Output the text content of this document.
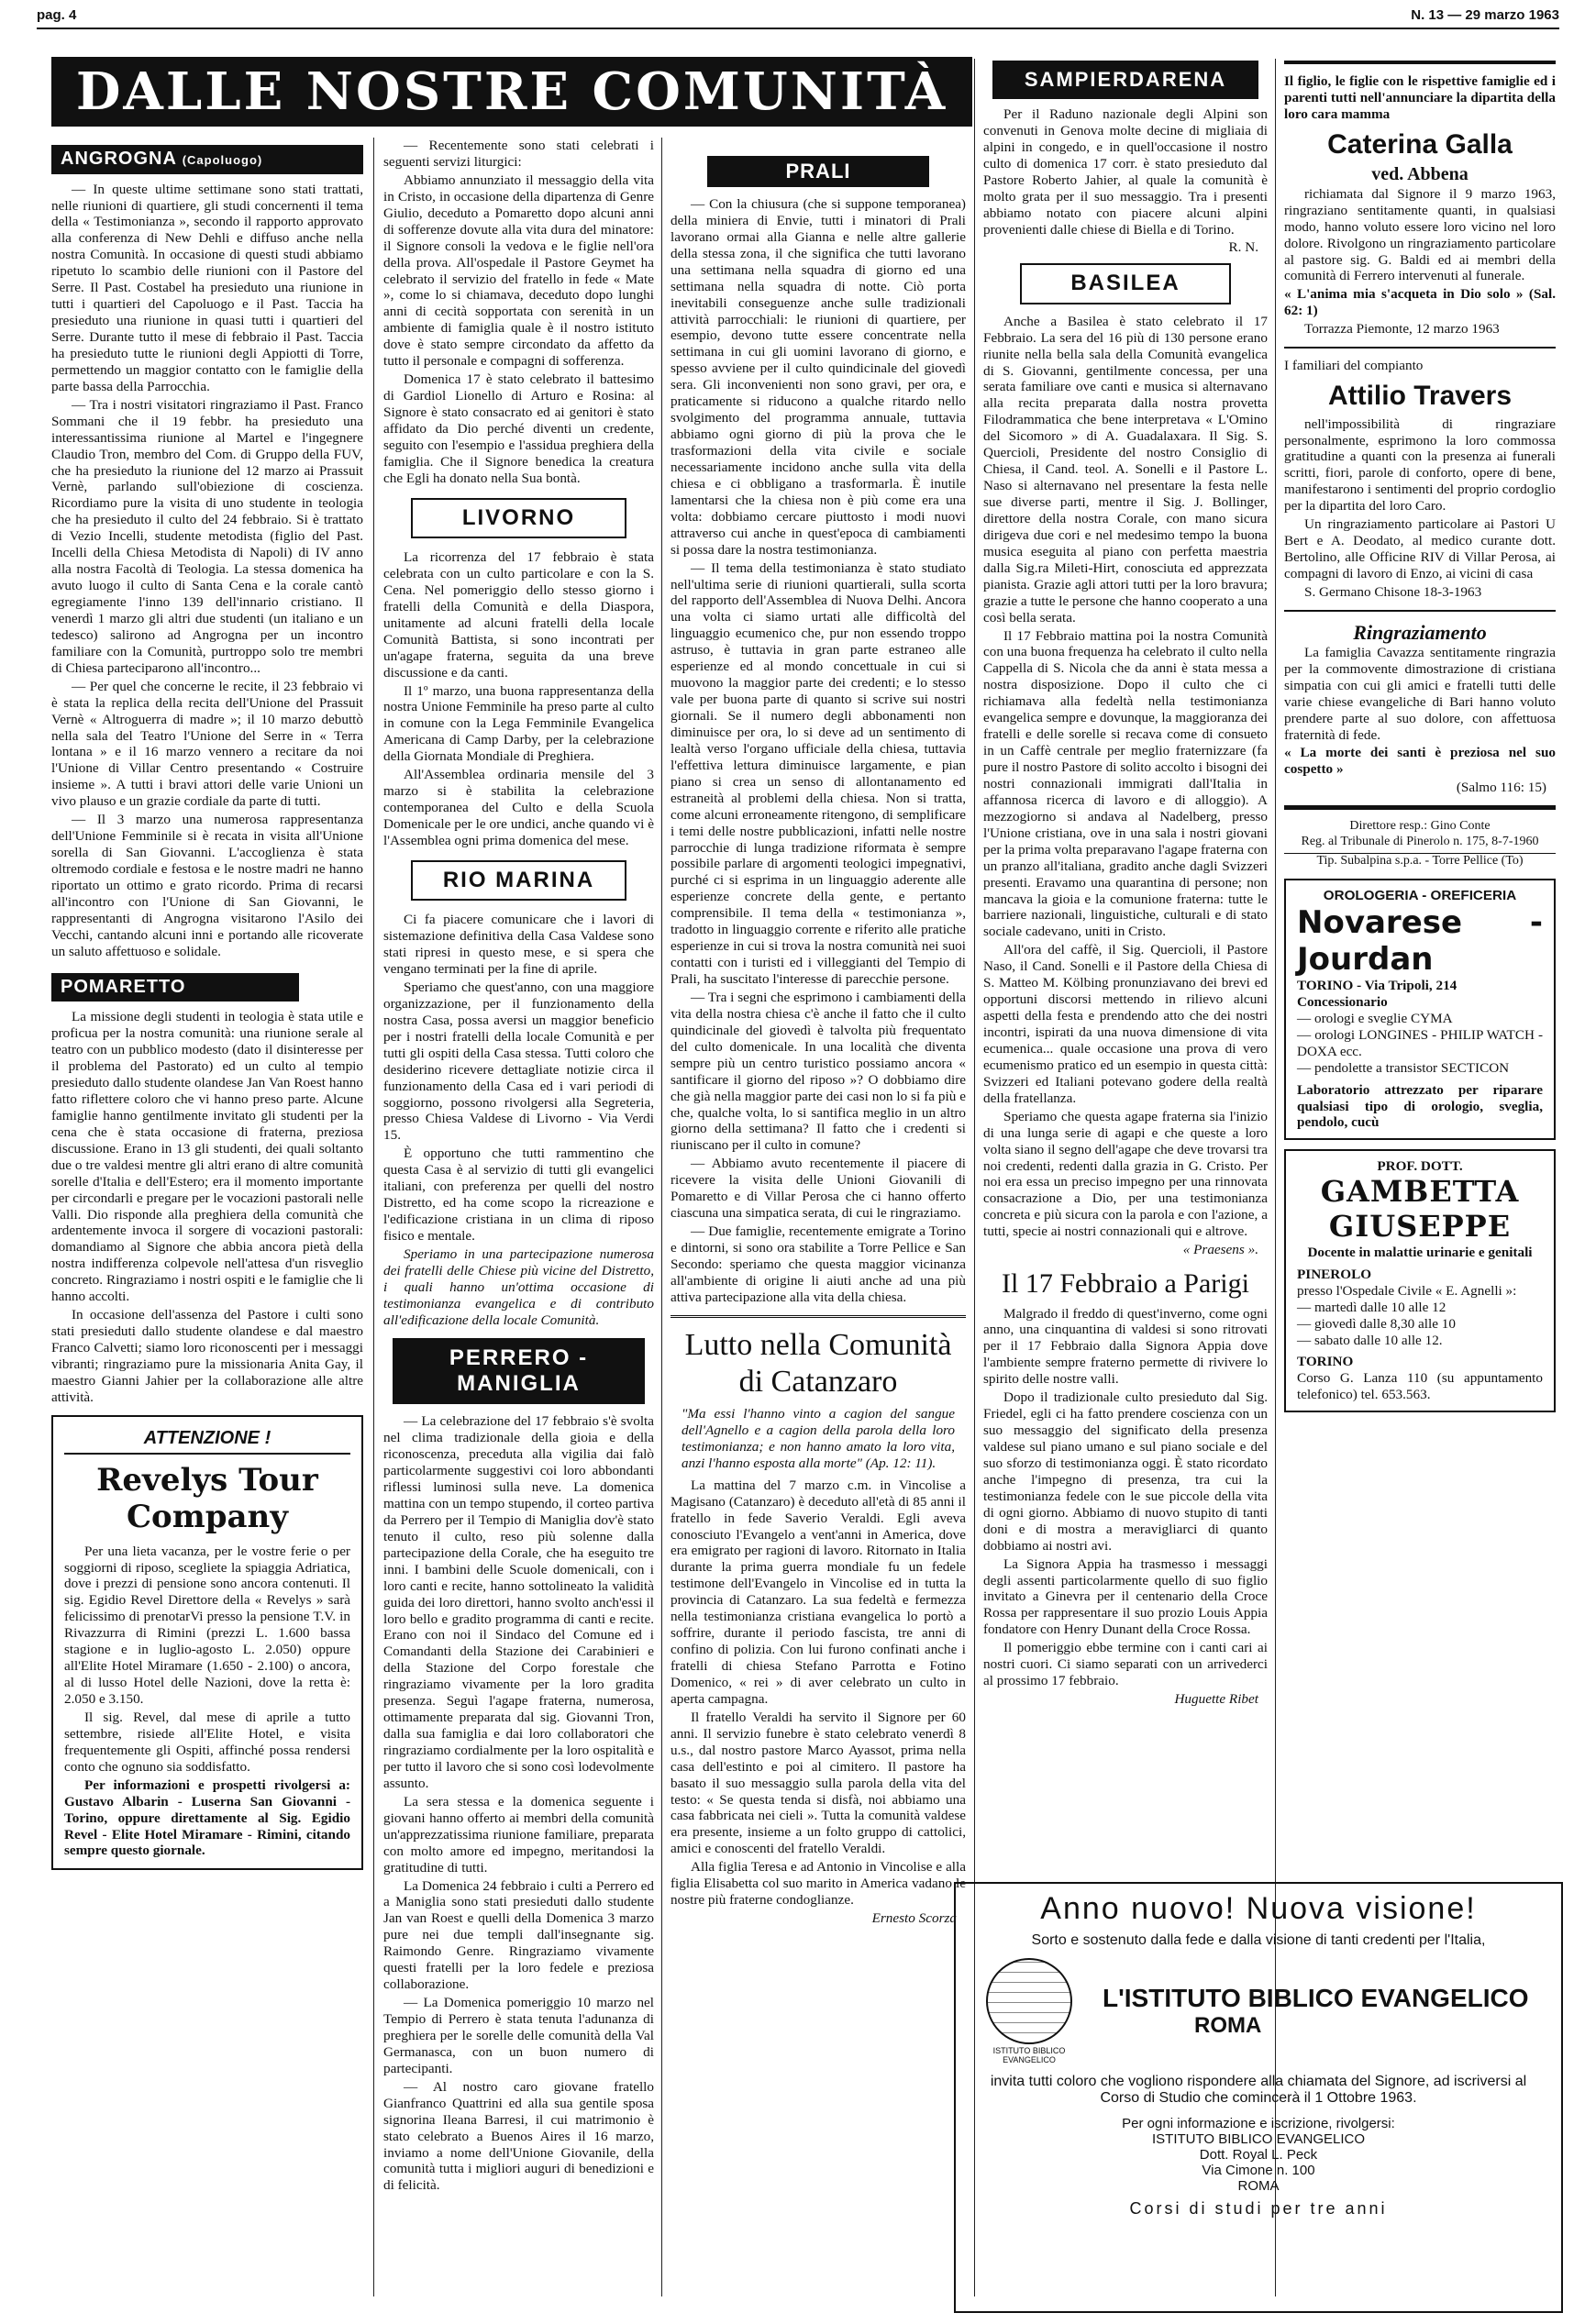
pag. 4	N. 13 — 29 marzo 1963
DALLE NOSTRE COMUNITÀ
ANGROGNA (Capoluogo)

— In queste ultime settimane sono stati trattati, nelle riunioni di quartiere, gli studi concernenti il tema della « Testimonianza », secondo il rapporto approvato alla conferenza di New Dehli e diffuso anche nella nostra Comunità. In occasione di questi studi abbiamo ripetuto lo scambio delle riunioni con il Pastore del Serre. Il Past. Costabel ha presieduto una riunione in tutti i quartieri del Capoluogo e il Past. Taccia ha presieduto una riunione in quasi tutti i quartieri del Serre. Durante tutto il mese di febbraio il Past. Taccia ha presieduto tutte le riunioni degli Appiotti di Torre, permettendo un maggior contatto con le famiglie della parte bassa della Parrocchia.

— Tra i nostri visitatori ringraziamo il Past. Franco Sommani che il 19 febbr. ha presieduto una interessantissima riunione al Martel e l'ingegnere Claudio Tron, membro del Com. di Gruppo della FUV, che ha presieduto la riunione del 12 marzo ai Prassuit Vernè, parlando sull'obiezione di coscienza. Ricordiamo pure la visita di uno studente in teologia che ha presieduto il culto del 24 febbraio. Si è trattato di Vezio Incelli, studente metodista (figlio del Past. Incelli della Chiesa Metodista di Napoli) di IV anno alla nostra Facoltà di Teologia. La stessa domenica ha avuto luogo il culto di Santa Cena e la corale cantò egregiamente l'inno 139 dell'innario cristiano. Il venerdì 1 marzo gli altri due studenti (un italiano e un tedesco) salirono ad Angrogna per un incontro familiare con la Comunità, purtroppo solo tre membri di Chiesa parteciparono all'incontro...

— Per quel che concerne le recite, il 23 febbraio vi è stata la replica della recita dell'Unione del Prassuit Vernè « Altroguerra di madre »; il 10 marzo debuttò nella sala del Teatro l'Unione del Serre in « Terra lontana » e il 16 marzo vennero a recitare da noi l'Unione di Villar Centro presentando « Costruire insieme ». A tutti i bravi attori delle varie Unioni un vivo plauso e un grazie cordiale da parte di tutti.

— Il 3 marzo una numerosa rappresentanza dell'Unione Femminile si è recata in visita all'Unione sorella di San Giovanni. L'accoglienza è stata oltremodo cordiale e festosa e le nostre madri ne hanno riportato un ottimo e grato ricordo. Prima di recarsi all'incontro con l'Unione di San Giovanni, le rappresentanti di Angrogna visitarono l'Asilo dei Vecchi, cantando alcuni inni e portando alle ricoverate un saluto affettuoso e solidale.

POMARETTO

La missione degli studenti in teologia è stata utile e proficua per la nostra comunità: una riunione serale al teatro con un pubblico modesto (dato il disinteresse per il problema del Pastorato) ed un culto al tempio presieduto dallo studente olandese Jan Van Roest hanno fatto riflettere coloro che vi hanno preso parte. Alcune famiglie hanno gentilmente invitato gli studenti per la cena che è stata occasione di fraterna, preziosa discussione. Erano in 13 gli studenti, dei quali soltanto due o tre valdesi mentre gli altri erano di altre comunità sorelle d'Italia e dell'Estero; era il momento importante per circondarli e pregare per le vocazioni pastorali nelle Valli. Dio risponde alla preghiera della comunità che ardentemente invoca il sorgere di vocazioni pastorali: domandiamo al Signore che abbia ancora pietà della nostra indifferenza colpevole nell'attesa d'un risveglio concreto. Ringraziamo i nostri ospiti e le famiglie che li hanno accolti.

In occasione dell'assenza del Pastore i culti sono stati presieduti dallo studente olandese e dal maestro Franco Calvetti; siamo loro riconoscenti per i messaggi vibranti; ringraziamo pure la missionaria Anita Gay, il maestro Gianni Jahier per la collaborazione alle altre attività.

ATTENZIONE !
Revelys Tour Company

Per una lieta vacanza, per le vostre ferie o per soggiorni di riposo, scegliete la spiaggia Adriatica, dove i prezzi di pensione sono ancora contenuti. Il sig. Egidio Revel Direttore della « Revelys » sarà felicissimo di prenotarVi presso la pensione T.V. in Rivazzurra di Rimini (prezzi L. 1.600 bassa stagione e in luglio-agosto L. 2.050) oppure all'Elite Hotel Miramare (1.650 - 2.100) o ancora, al di lusso Hotel delle Nazioni, dove la retta è: 2.050 e 3.150.

Il sig. Revel, dal mese di aprile a tutto settembre, risiede all'Elite Hotel, e visita frequentemente gli Ospiti, affinché possa rendersi conto che ognuno sia soddisfatto.

Per informazioni e prospetti rivolgersi a: Gustavo Albarin - Luserna San Giovanni - Torino, oppure direttamente al Sig. Egidio Revel - Elite Hotel Miramare - Rimini, citando sempre questo giornale.

— Recentemente sono stati celebrati i seguenti servizi liturgici:

Abbiamo annunziato il messaggio della vita in Cristo, in occasione della dipartenza di Genre Giulio, deceduto a Pomaretto dopo alcuni anni di sofferenze dovute alla vita dura del minatore: il Signore consoli la vedova e le figlie nell'ora della prova. All'ospedale il Pastore Geymet ha celebrato il servizio del fratello in fede « Mate », come lo si chiamava, deceduto dopo lunghi anni di cecità sopportata con serenità in un ambiente di famiglia quale è il nostro istituto dove è stato sempre circondato da affetto da tutto il personale e compagni di sofferenza.

Domenica 17 è stato celebrato il battesimo di Gardiol Lionello di Arturo e Rosina: al Signore è stato consacrato ed ai genitori è stato affidato da Dio perché diventi un credente, seguito con l'esempio e l'assidua preghiera della famiglia. Che il Signore benedica la creatura che Egli ha donato nella Sua bontà.

LIVORNO

La ricorrenza del 17 febbraio è stata celebrata con un culto particolare e con la S. Cena. Nel pomeriggio dello stesso giorno i fratelli della Comunità e della Diaspora, unitamente ad alcuni fratelli della locale Comunità Battista, si sono incontrati per un'agape fraterna, seguita da una breve discussione e da canti.

Il 1º marzo, una buona rappresentanza della nostra Unione Femminile ha preso parte al culto in comune con la Lega Femminile Evangelica Americana di Camp Darby, per la celebrazione della Giornata Mondiale di Preghiera.

All'Assemblea ordinaria mensile del 3 marzo si è stabilita la celebrazione contemporanea del Culto e della Scuola Domenicale per le ore undici, anche quando vi è l'Assemblea ogni prima domenica del mese.

RIO MARINA

Ci fa piacere comunicare che i lavori di sistemazione definitiva della Casa Valdese sono stati ripresi in questo mese, e si spera che vengano terminati per la fine di aprile.

Speriamo che quest'anno, con una maggiore organizzazione, per il funzionamento della nostra Casa, possa aversi un maggior beneficio per i nostri fratelli della locale Comunità e per tutti gli ospiti della Casa stessa. Tutti coloro che desiderino ricevere dettagliate notizie circa il funzionamento della Casa ed i vari periodi di soggiorno, possono rivolgersi alla Segreteria, presso Chiesa Valdese di Livorno - Via Verdi 15.

È opportuno che tutti rammentino che questa Casa è al servizio di tutti gli evangelici italiani, con preferenza per quelli del nostro Distretto, ed ha come scopo la ricreazione e l'edificazione cristiana in un clima di riposo fisico e mentale.

Speriamo in una partecipazione numerosa dei fratelli delle Chiese più vicine del Distretto, i quali hanno un'ottima occasione di testimonianza evangelica e di contributo all'edificazione della locale Comunità.

PERRERO - MANIGLIA

— La celebrazione del 17 febbraio s'è svolta nel clima tradizionale della gioia e della riconoscenza, preceduta alla vigilia dai falò particolarmente suggestivi coi loro abbondanti riflessi luminosi sulla neve. La domenica mattina con un tempo stupendo, il corteo partiva da Perrero per il Tempio di Maniglia dov'è stato tenuto il culto, reso più solenne dalla partecipazione della Corale, che ha eseguito tre inni. I bambini delle Scuole domenicali, con i loro canti e recite, hanno sottolineato la validità guida dei loro direttori, hanno svolto anch'essi il loro bello e gradito programma di canti e recite. Erano con noi il Sindaco del Comune ed i Comandanti della Stazione dei Carabinieri e della Stazione del Corpo forestale che ringraziamo vivamente per la loro gradita presenza. Seguì l'agape fraterna, numerosa, ottimamente preparata dal sig. Giovanni Tron, dalla sua famiglia e dai loro collaboratori che ringraziamo cordialmente per la loro ospitalità e per tutto il lavoro che si sono così lodevolmente assunto.

La sera stessa e la domenica seguente i giovani hanno offerto ai membri della comunità un'apprezzatissima riunione familiare, preparata con molto amore ed impegno, meritandosi la gratitudine di tutti.

La Domenica 24 febbraio i culti a Perrero ed a Maniglia sono stati presieduti dallo studente Jan van Roest e quelli della Domenica 3 marzo pure nei due templi dall'insegnante sig. Raimondo Genre. Ringraziamo vivamente questi fratelli per la loro fedele e preziosa collaborazione.

— La Domenica pomeriggio 10 marzo nel Tempio di Perrero è stata tenuta l'adunanza di preghiera per le sorelle delle comunità della Val Germanasca, con un buon numero di partecipanti.

— Al nostro caro giovane fratello Gianfranco Quattrini ed alla sua gentile sposa signorina Ileana Barresi, il cui matrimonio è stato celebrato a Buenos Aires il 16 marzo, inviamo a nome dell'Unione Giovanile, della comunità tutta i migliori auguri di benedizioni e di felicità.

PRALI

— Con la chiusura (che si suppone temporanea) della miniera di Envie, tutti i minatori di Prali lavorano ormai alla Gianna e nelle altre gallerie della stessa zona, il che significa che tutti lavorano una settimana nella squadra di giorno ed una settimana nella squadra di notte. Ciò porta inevitabili conseguenze anche sulle tradizionali attività parrocchiali: le riunioni di quartiere, per esempio, devono tutte essere concentrate nella settimana in cui gli uomini lavorano di giorno, e spesso avviene per il culto quindicinale del giovedì sera. Gli inconvenienti non sono gravi, per ora, e praticamente si riducono a qualche ritardo nello svolgimento del programma annuale, tuttavia abbiamo ogni giorno di più la prova che le trasformazioni della vita civile e sociale necessariamente incidono anche sulla vita della chiesa e ci obbligano a trasformarla. È inutile lamentarsi che la chiesa non è più come era una volta: dobbiamo cercare piuttosto i modi nuovi attraverso cui anche in quest'epoca di cambiamenti si possa dare la nostra testimonianza.

— Il tema della testimonianza è stato studiato nell'ultima serie di riunioni quartierali, sulla scorta del rapporto dell'Assemblea di Nuova Delhi. Ancora una volta ci siamo urtati alle difficoltà del linguaggio ecumenico che, pur non essendo troppo astruso, è tuttavia in gran parte estraneo alle esperienze ed al mondo concettuale in cui si muovono la maggior parte dei credenti; e lo stesso vale per buona parte di quanto si scrive sui nostri giornali. Se il numero degli abbonamenti non diminuisce per ora, lo si deve ad un sentimento di lealtà verso l'organo ufficiale della chiesa, tuttavia l'effettiva lettura diminuisce largamente, e pian piano si crea un senso di allontanamento ed estraneità al problemi della chiesa. Non si tratta, come alcuni erroneamente ritengono, di semplificare i temi delle nostre pubblicazioni, infatti nelle nostre parrocchie di lunga tradizione riformata è sempre possibile parlare di argomenti teologici impegnativi, purché ci si esprima in un linguaggio aderente alle esperienze concrete della gente, e pertanto comprensibile. Il tema della « testimonianza », tradotto in linguaggio corrente e riferito alle pratiche esperienze in cui si trova la nostra comunità nei suoi contatti con i turisti ed i villeggianti del Tempio di Prali, ha suscitato l'interesse di parecchie persone.

— Tra i segni che esprimono i cambiamenti della vita della nostra chiesa c'è anche il fatto che il culto quindicinale del giovedì è talvolta più frequentato del culto domenicale. In una località che diventa sempre più un centro turistico possiamo ancora « santificare il giorno del riposo »? O dobbiamo dire che già nella maggior parte dei casi non lo si fa più e che, qualche volta, lo si santifica meglio in un altro giorno della settimana? Il fatto che i credenti si riuniscano per il culto in comune?

— Abbiamo avuto recentemente il piacere di ricevere la visita delle Unioni Giovanili di Pomaretto e di Villar Perosa che ci hanno offerto ciascuna una simpatica serata, di cui le ringraziamo.

— Due famiglie, recentemente emigrate a Torino e dintorni, si sono ora stabilite a Torre Pellice e San Secondo: speriamo che questa maggior vicinanza all'ambiente di origine li aiuti anche ad una più attiva partecipazione alla vita della chiesa.

Lutto nella Comunità di Catanzaro

"Ma essi l'hanno vinto a cagion del sangue dell'Agnello e a cagion della parola della loro testimonianza; e non hanno amato la loro vita, anzi l'hanno esposta alla morte" (Ap. 12: 11).

La mattina del 7 marzo c.m. in Vincolise a Magisano (Catanzaro) è deceduto all'età di 85 anni il fratello in fede Saverio Veraldi. Egli aveva conosciuto l'Evangelo a vent'anni in America, dove era emigrato per ragioni di lavoro. Ritornato in Italia durante la prima guerra mondiale fu un fedele testimone dell'Evangelo in Vincolise ed in tutta la provincia di Catanzaro. La sua fedeltà e fermezza nella testimonianza cristiana evangelica lo portò a soffrire, durante il periodo fascista, tre anni di confino di polizia. Con lui furono confinati anche i fratelli di chiesa Stefano Parrotta e Fotino Domenico, « rei » di aver celebrato un culto in aperta campagna.

Il fratello Veraldi ha servito il Signore per 60 anni. Il servizio funebre è stato celebrato venerdì 8 u.s., dal nostro pastore Marco Ayassot, prima nella casa dell'estinto e poi al cimitero. Il pastore ha basato il suo messaggio sulla parola della vita del testo: « Se questa tenda si disfà, noi abbiamo una casa fabbricata nei cieli ». Tutta la comunità valdese era presente, insieme a un folto gruppo di cattolici, amici e conoscenti del fratello Veraldi.

Alla figlia Teresa e ad Antonio in Vincolise e alla figlia Elisabetta col suo marito in America vadano le nostre più fraterne condoglianze.

Ernesto Scorza
SAMPIERDARENA

Per il Raduno nazionale degli Alpini son convenuti in Genova molte decine di migliaia di alpini in congedo, e in quell'occasione il nostro culto di domenica 17 corr. è stato presieduto dal Pastore Roberto Jahier, al quale la comunità è molto grata per il suo messaggio. Tra i presenti abbiamo notato con piacere alcuni alpini provenienti dalle chiese di Biella e di Torino.

R. N.
BASILEA

Anche a Basilea è stato celebrato il 17 Febbraio. La sera del 16 più di 130 persone erano riunite nella bella sala della Comunità evangelica di S. Giovanni, gentilmente concessa, per una serata familiare ove canti e musica si alternavano alla recita preparata dalla nostra provetta Filodrammatica che bene interpretava « L'Omino del Sicomoro » di A. Guadalaxara. Il Sig. S. Quercioli, Presidente del nostro Consiglio di Chiesa, il Cand. teol. A. Sonelli e il Pastore L. Naso si alternavano nel presentare la festa nelle sue diverse parti, mentre il Sig. J. Bollinger, direttore della nostra Corale, con mano sicura dirigeva due cori e nel medesimo tempo la buona musica eseguita al piano con perfetta maestria dalla Sig.ra Mileti-Hirt, conosciuta ed apprezzata pianista. Grazie agli attori tutti per la loro bravura; grazie a tutte le persone che hanno cooperato a una così bella serata.

Il 17 Febbraio mattina poi la nostra Comunità con una buona frequenza ha celebrato il culto nella Cappella di S. Nicola che da anni è stata messa a nostra disposizione. Dopo il culto che ci richiamava alla fedeltà nella testimonianza evangelica sempre e dovunque, la maggioranza dei fratelli e delle sorelle si recava come di consueto in un Caffè centrale per meglio fraternizzare (fa pure il nostro Pastore di solito accolto i bisogni dei nostri connazionali immigrati dall'Italia in affannosa ricerca di lavoro e di alloggio). A mezzogiorno si andava al Nadelberg, presso l'Unione cristiana, ove in una sala i nostri giovani per la prima volta preparavano l'agape fraterna con un pranzo all'italiana, gradito anche dagli Svizzeri presenti. Eravamo una quarantina di persone; non mancava la gioia e la comunione fraterna: tutte le barriere nazionali, linguistiche, culturali e di stato sociale cadevano, uniti in Cristo.

All'ora del caffè, il Sig. Quercioli, il Pastore Naso, il Cand. Sonelli e il Pastore della Chiesa di S. Matteo M. Kölbing pronunziavano dei brevi ed opportuni discorsi mettendo in rilievo alcuni aspetti della festa e prendendo atto che dei nostri incontri, ispirati da una nuova dimensione di vita ecumenica... quale occasione una prova di vero ecumenismo pratico ed un esempio in questa città: Svizzeri ed Italiani potevano godere della realtà della fratellanza.

Speriamo che questa agape fraterna sia l'inizio di una lunga serie di agapi e che queste a loro volta siano il segno dell'agape che deve trovarsi tra noi credenti, redenti dalla grazia in G. Cristo. Per noi era essa un preciso impegno per una rinnovata consacrazione a Dio, per una testimonianza concreta e più sicura con la parola e con l'azione, a tutti, specie ai nostri connazionali qui e altrove.

« Praesens ».
Il 17 Febbraio a Parigi

Malgrado il freddo di quest'inverno, come ogni anno, una cinquantina di valdesi si sono ritrovati per il 17 Febbraio dalla Signora Appia dove l'ambiente sempre fraterno permette di rivivere lo spirito delle nostre valli.

Dopo il tradizionale culto presieduto dal Sig. Friedel, egli ci ha fatto prendere coscienza con un suo messaggio del significato della presenza valdese sul piano umano e sul piano sociale e del suo sforzo di testimonianza oggi. È stato ricordato anche l'impegno di presenza, tra cui la testimonianza fedele con le sue piccole della vita di ogni giorno. Abbiamo di nuovo stupito di tanti doni e di mostra a meravigliarci di quanto dobbiamo ai nostri avi.

La Signora Appia ha trasmesso i messaggi degli assenti particolarmente quello di suo figlio invitato a Ginevra per il centenario della Croce Rossa per rappresentare il suo prozio Louis Appia fondatore con Henry Dunant della Croce Rossa.

Il pomeriggio ebbe termine con i canti cari ai nostri cuori. Ci siamo separati con un arrivederci al prossimo 17 febbraio.

Huguette Ribet

Il figlio, le figlie con le rispettive famiglie ed i parenti tutti nell'annunciare la dipartita della loro cara mamma

Caterina Galla
ved. Abbena

richiamata dal Signore il 9 marzo 1963, ringraziano sentitamente quanti, in qualsiasi modo, hanno voluto essere loro vicino nel loro dolore. Rivolgono un ringraziamento particolare al pastore sig. G. Baldi ed ai membri della comunità di Ferrero intervenuti al funerale.

« L'anima mia s'acqueta in Dio solo » (Sal. 62: 1)

Torrazza Piemonte, 12 marzo 1963

I familiari del compianto

Attilio Travers

nell'impossibilità di ringraziare personalmente, esprimono la loro commossa gratitudine a quanti con la presenza ai funerali scritti, fiori, parole di conforto, opere di bene, manifestarono i sentimenti del proprio cordoglio per la dipartita del loro Caro.

Un ringraziamento particolare ai Pastori U Bert e A. Deodato, al medico curante dott. Bertolino, alle Officine RIV di Villar Perosa, ai compagni di lavoro di Enzo, ai vicini di casa

S. Germano Chisone 18-3-1963

Ringraziamento

La famiglia Cavazza sentitamente ringrazia per la commovente dimostrazione di cristiana simpatia con cui gli amici e fratelli tutti delle varie chiese evangeliche di Bari hanno voluto prendere parte al suo dolore, con affettuosa fraternità di fede.

« La morte dei santi è preziosa nel suo cospetto »

(Salmo 116: 15)
Direttore resp.: Gino Conte
Reg. al Tribunale di Pinerolo n. 175, 8-7-1960
Tip. Subalpina s.p.a. - Torre Pellice (To)
OROLOGERIA - OREFICERIA
Novarese - Jourdan
TORINO - Via Tripoli, 214
Concessionario
— orologi e sveglie CYMA
— orologi LONGINES - PHILIP WATCH - DOXA ecc.
— pendolette a transistor SECTICON
Laboratorio attrezzato per riparare qualsiasi tipo di orologio, sveglia, pendolo, cucù
PROF. DOTT.
GAMBETTA GIUSEPPE
Docente in malattie urinarie e genitali
PINEROLO
presso l'Ospedale Civile « E. Agnelli »:
— martedì dalle 10 alle 12
— giovedì dalle 8,30 alle 10
— sabato dalle 10 alle 12.
TORINO
Corso G. Lanza 110 (su appuntamento telefonico) tel. 653.563.
Anno nuovo! Nuova visione!
Sorto e sostenuto dalla fede e dalla visione di tanti credenti per l'Italia,
ISTITUTO BIBLICO EVANGELICO
L'ISTITUTO BIBLICO EVANGELICO
ROMA
invita tutti coloro che vogliono rispondere alla chiamata del Signore, ad iscriversi al Corso di Studio che comincerà il 1 Ottobre 1963.
Per ogni informazione e iscrizione, rivolgersi:
ISTITUTO BIBLICO EVANGELICO
Dott. Royal L. Peck
Via Cimone n. 100
ROMA
Corsi di studi per tre anni
